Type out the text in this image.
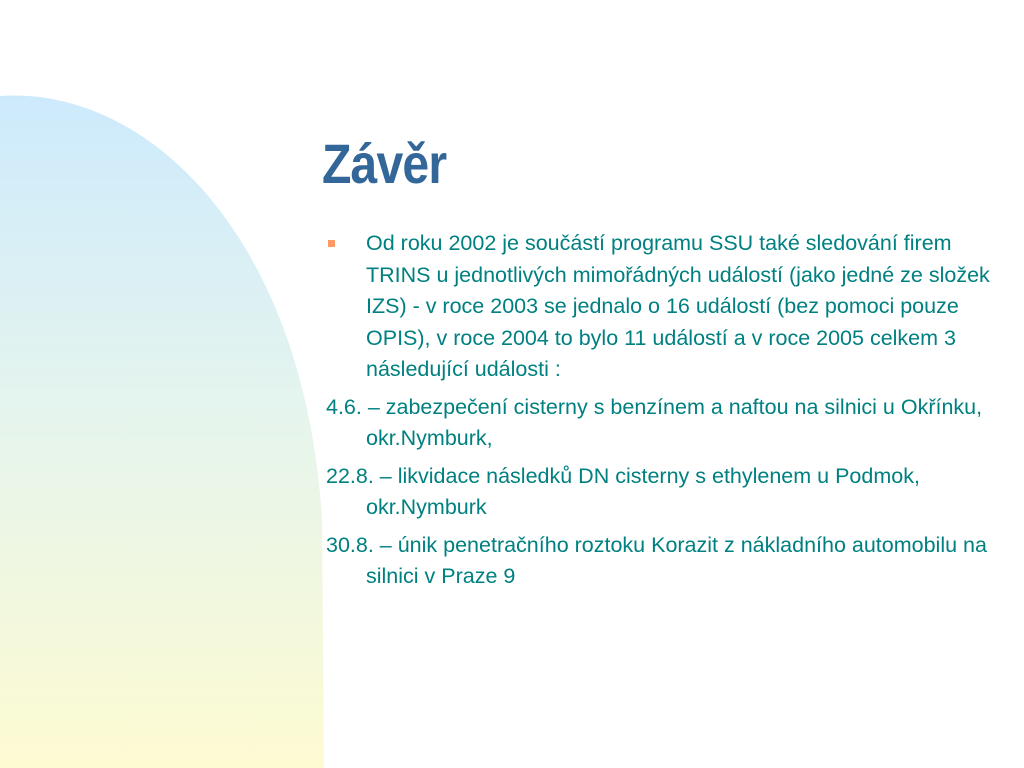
Závěr

Od roku 2002 je součástí programu SSU také sledování firem TRINS u jednotlivých mimořádných událostí (jako jedné ze složek IZS) - v roce 2003 se jednalo o 16 událostí (bez pomoci pouze OPIS), v roce 2004 to bylo 11 událostí a v roce 2005 celkem 3 následující události :

4.6. – zabezpečení cisterny s benzínem a naftou na silnici u Okřínku, okr.Nymburk,

22.8. – likvidace následků DN cisterny s ethylenem u Podmok, okr.Nymburk

30.8. – únik penetračního roztoku Korazit z nákladního automobilu na silnici v Praze 9
